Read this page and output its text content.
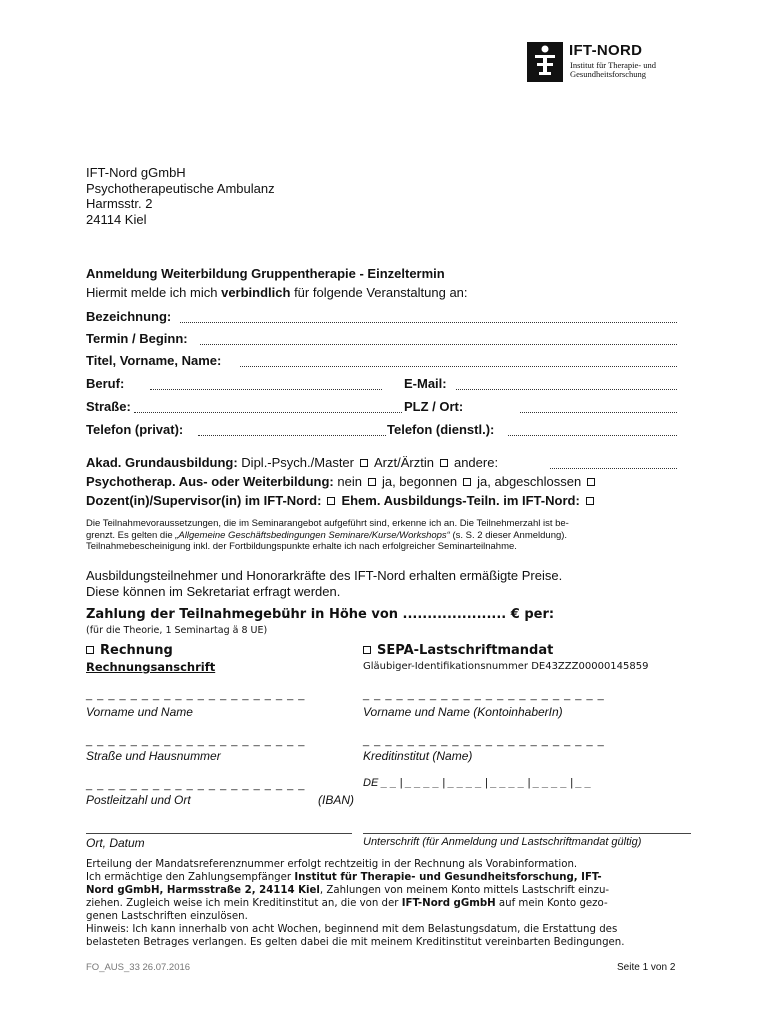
IFT-NORD
Institut für Therapie- und
Gesundheitsforschung
IFT-Nord gGmbH
Psychotherapeutische Ambulanz
Harmsstr. 2
24114 Kiel
Anmeldung Weiterbildung Gruppentherapie - Einzeltermin
Hiermit melde ich mich verbindlich für folgende Veranstaltung an:
Bezeichnung:
Termin / Beginn:
Titel, Vorname, Name:
Beruf:	E-Mail:
Straße:	PLZ / Ort:
Telefon (privat):	Telefon (dienstl.):
Akad. Grundausbildung: Dipl.-Psych./Master Arzt/Ärztin andere:
Psychotherap. Aus- oder Weiterbildung: nein ja, begonnen ja, abgeschlossen
Dozent(in)/Supervisor(in) im IFT-Nord: Ehem. Ausbildungs-Teiln. im IFT-Nord:
Die Teilnahmevoraussetzungen, die im Seminarangebot aufgeführt sind, erkenne ich an. Die Teilnehmerzahl ist be-
grenzt. Es gelten die „Allgemeine Geschäftsbedingungen Seminare/Kurse/Workshops“ (s. S. 2 dieser Anmeldung).
Teilnahmebescheinigung inkl. der Fortbildungspunkte erhalte ich nach erfolgreicher Seminarteilnahme.
Ausbildungsteilnehmer und Honorarkräfte des IFT-Nord erhalten ermäßigte Preise.
Diese können im Sekretariat erfragt werden.
Zahlung der Teilnahmegebühr in Höhe von ..................... € per:
(für die Theorie, 1 Seminartag ä 8 UE)
Rechnung	SEPA-Lastschriftmandat
Rechnungsanschrift	Gläubiger-Identifikationsnummer DE43ZZZ00000145859
_ _ _ _ _ _ _ _ _ _ _ _ _ _ _ _ _ _ _ _	_ _ _ _ _ _ _ _ _ _ _ _ _ _ _ _ _ _ _ _ _ _
Vorname und Name	Vorname und Name (KontoinhaberIn)
_ _ _ _ _ _ _ _ _ _ _ _ _ _ _ _ _ _ _ _	_ _ _ _ _ _ _ _ _ _ _ _ _ _ _ _ _ _ _ _ _ _
Straße und Hausnummer	Kreditinstitut (Name)
_ _ _ _ _ _ _ _ _ _ _ _ _ _ _ _ _ _ _ _	DE _ _ | _ _ _ _ | _ _ _ _ | _ _ _ _ | _ _ _ _ | _ _
Postleitzahl und Ort	(IBAN)
Ort, Datum	Unterschrift (für Anmeldung und Lastschriftmandat gültig)
Erteilung der Mandatsreferenznummer erfolgt rechtzeitig in der Rechnung als Vorabinformation.
Ich ermächtige den Zahlungsempfänger Institut für Therapie- und Gesundheitsforschung, IFT-
Nord gGmbH, Harmsstraße 2, 24114 Kiel, Zahlungen von meinem Konto mittels Lastschrift einzu-
ziehen. Zugleich weise ich mein Kreditinstitut an, die von der IFT-Nord gGmbH auf mein Konto gezo-
genen Lastschriften einzulösen.
Hinweis: Ich kann innerhalb von acht Wochen, beginnend mit dem Belastungsdatum, die Erstattung des
belasteten Betrages verlangen. Es gelten dabei die mit meinem Kreditinstitut vereinbarten Bedingungen.
FO_AUS_33 26.07.2016	Seite 1 von 2
